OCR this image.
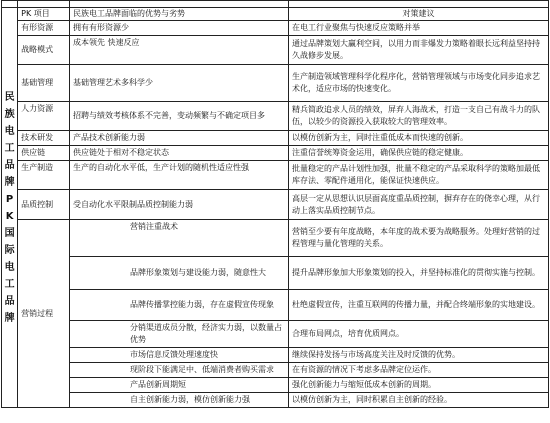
民族电工品牌PK国际电工品牌	PK 项目	民族电工品牌面临的优势与劣势	对策建议
	有形资源	拥有有形资源少	在电工行业聚焦与快速反应策略并举
	战略模式	成本领先 快速反应	通过品牌策划大赢利空间，以用力而非爆发力策略着眼长远利益坚持持久战修步发展。
	基础管理	基础管理艺术多科学少	生产制造领域管理科学化程序化，营销管理领域与市场变化同步追求艺术化，适应市场的快速变化。
	人力资源	招聘与绩效考核体系不完善，变动频繁与不确定项目多	精兵简政追求人员的绩效，屏弃人海战术，打造一支自己有战斗力的队伍，以较少的资源投入获取较大的管理效率。
	技术研发	产品技术创新能力弱	以模仿创新为主，同时注重低成本而快速的创新。
	供应链	供应链处于相对不稳定状态	注重信誉统筹资金运用，确保供应链的稳定健康。
	生产制造	生产的自动化水平低，生产计划的随机性适应性强	批量稳定的产品计划性加强，批量不稳定的产品采取科学的策略加最低库存法、零配件通用化，能保证快速供应。
	品质控制	受自动化水平限制品质控制能力弱	高层一定从思想认识层面高度重品质控制，摒弃存在的侥幸心理，从行动上落实品质控制节点。
	营销过程	营销注重战术	营销至少要有年度战略，本年度的战术要为战略服务。处理好营销的过程管理与量化管理的关系。
		品牌形象策划与建设能力弱，随意性大	提升品牌形象加大形象策划的投入，并坚持标准化的贯彻实施与控制。
		品牌传播掌控能力弱，存在虚假宣传现象	杜绝虚假宣传，注重互联网的传播力量，并配合终端形象的实地建设。
		分销渠道成员分散，经济实力弱，以数量占优势	合理布局网点，培育优质网点。
		市场信息反馈处理速度快	继续保持发扬与市场高度关注及时反馈的优势。
		现阶段下能满足中、低端消费者购买需求	在有资源的情况下考虑多品牌定位运作。
		产品创新周期短	强化创新能力与缩短低成本创新的周期。
		自主创新能力弱，模仿创新能力强	以模仿创新为主，同时积累自主创新的经验。
